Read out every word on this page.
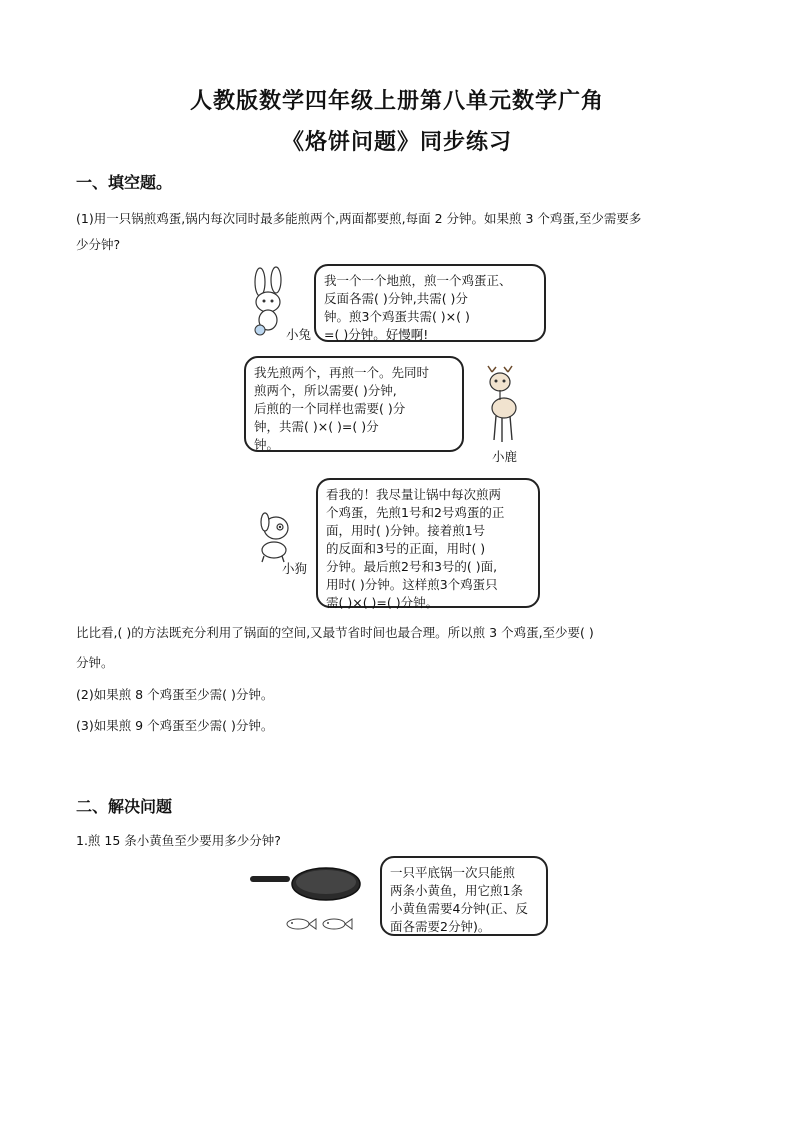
人教版数学四年级上册第八单元数学广角
《烙饼问题》同步练习
一、填空题。
(1)用一只锅煎鸡蛋,锅内每次同时最多能煎两个,两面都要煎,每面 2 分钟。如果煎 3 个鸡蛋,至少需要多
少分钟?
小兔
我一个一个地煎，煎一个鸡蛋正、
反面各需( )分钟,共需( )分
钟。煎3个鸡蛋共需( )×( )
=( )分钟。好慢啊!
我先煎两个，再煎一个。先同时
煎两个，所以需要( )分钟,
后煎的一个同样也需要( )分
钟，共需( )×( )=( )分
钟。
小鹿
小狗
看我的！我尽量让锅中每次煎两
个鸡蛋，先煎1号和2号鸡蛋的正
面，用时( )分钟。接着煎1号
的反面和3号的正面，用时( )
分钟。最后煎2号和3号的( )面,
用时( )分钟。这样煎3个鸡蛋只
需( )×( )=( )分钟。
比比看,( )的方法既充分利用了锅面的空间,又最节省时间也最合理。所以煎 3 个鸡蛋,至少要( )
分钟。
(2)如果煎 8 个鸡蛋至少需( )分钟。
(3)如果煎 9 个鸡蛋至少需( )分钟。
二、解决问题
1.煎 15 条小黄鱼至少要用多少分钟?
一只平底锅一次只能煎
两条小黄鱼，用它煎1条
小黄鱼需要4分钟(正、反
面各需要2分钟)。
